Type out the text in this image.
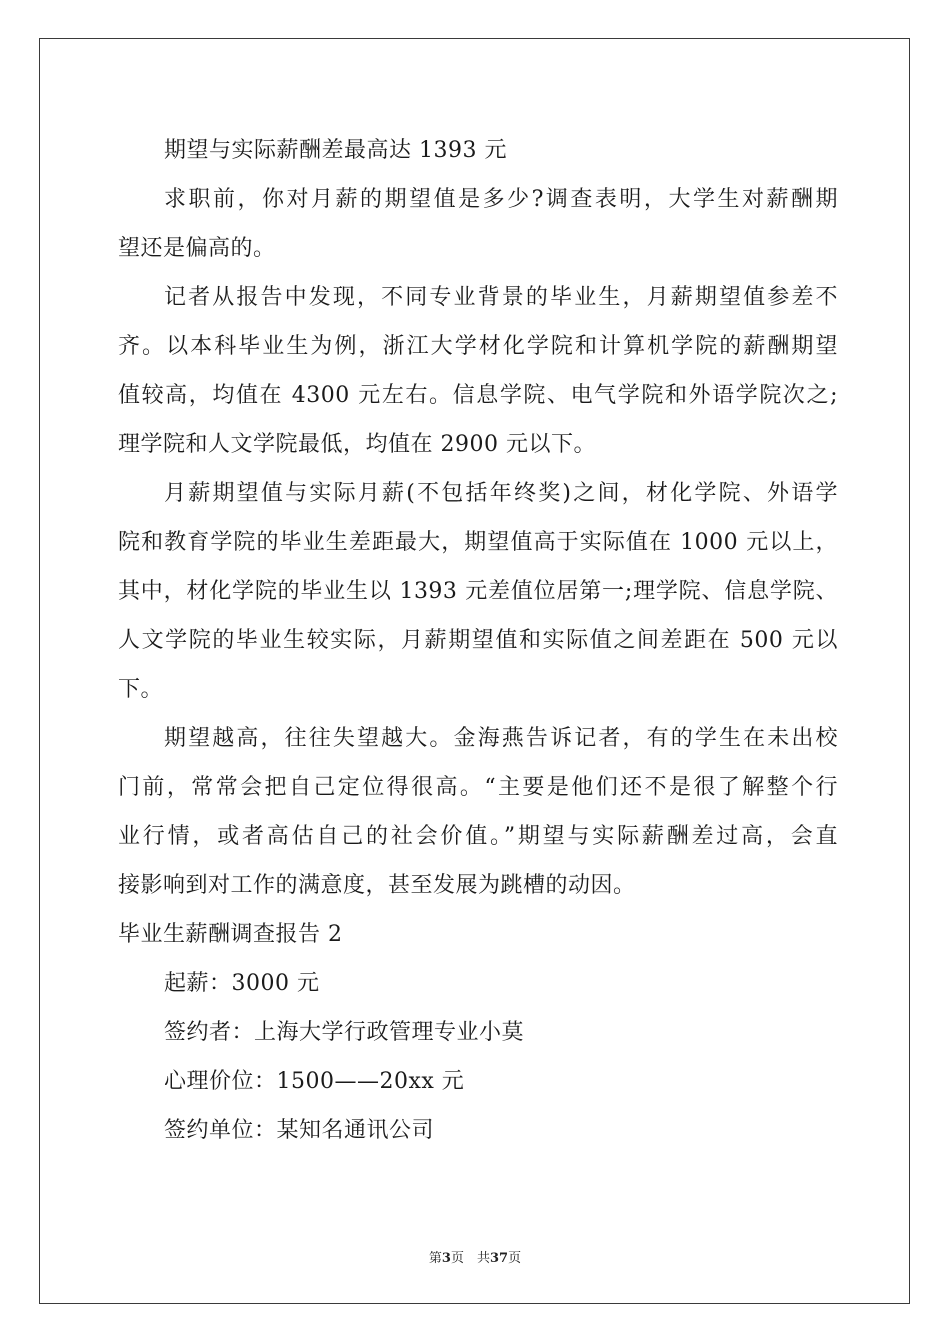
期望与实际薪酬差最高达 1393 元
求职前，你对月薪的期望值是多少?调查表明，大学生对薪酬期
望还是偏高的。
记者从报告中发现，不同专业背景的毕业生，月薪期望值参差不
齐。以本科毕业生为例，浙江大学材化学院和计算机学院的薪酬期望
值较高，均值在 4300 元左右。信息学院、电气学院和外语学院次之;
理学院和人文学院最低，均值在 2900 元以下。
月薪期望值与实际月薪(不包括年终奖)之间，材化学院、外语学
院和教育学院的毕业生差距最大，期望值高于实际值在 1000 元以上，
其中，材化学院的毕业生以 1393 元差值位居第一;理学院、信息学院、
人文学院的毕业生较实际，月薪期望值和实际值之间差距在 500 元以
下。
期望越高，往往失望越大。金海燕告诉记者，有的学生在未出校
门前，常常会把自己定位得很高。“主要是他们还不是很了解整个行
业行情，或者高估自己的社会价值。”期望与实际薪酬差过高，会直
接影响到对工作的满意度，甚至发展为跳槽的动因。
毕业生薪酬调查报告 2
起薪：3000 元
签约者：上海大学行政管理专业小莫
心理价位：1500——20xx 元
签约单位：某知名通讯公司
第3页　共37页
